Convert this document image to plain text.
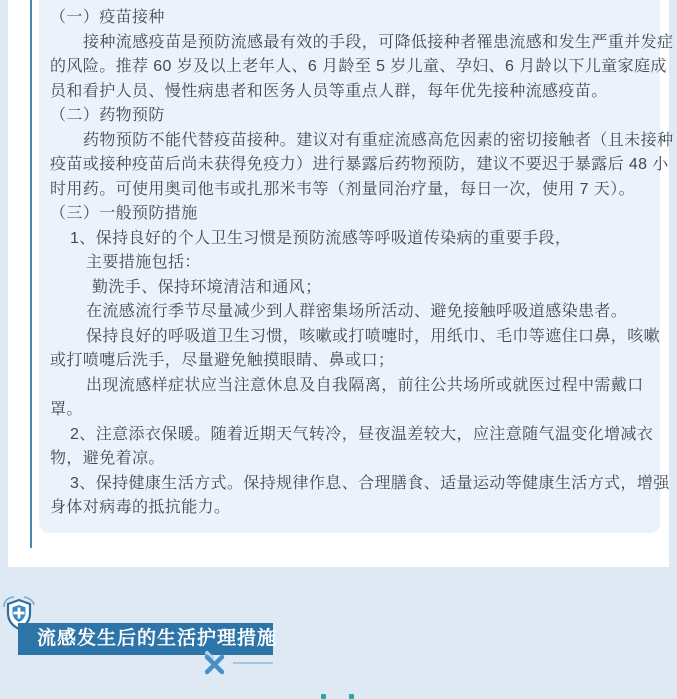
（一）疫苗接种
接种流感疫苗是预防流感最有效的手段，可降低接种者罹患流感和发生严重并发症
的风险。推荐 60 岁及以上老年人、6 月龄至 5 岁儿童、孕妇、6 月龄以下儿童家庭成
员和看护人员、慢性病患者和医务人员等重点人群，每年优先接种流感疫苗。
（二）药物预防
药物预防不能代替疫苗接种。建议对有重症流感高危因素的密切接触者（且未接种
疫苗或接种疫苗后尚未获得免疫力）进行暴露后药物预防，建议不要迟于暴露后 48 小
时用药。可使用奥司他韦或扎那米韦等（剂量同治疗量，每日一次，使用 7 天）。
（三）一般预防措施
1、保持良好的个人卫生习惯是预防流感等呼吸道传染病的重要手段，
主要措施包括：
勤洗手、保持环境清洁和通风；
在流感流行季节尽量减少到人群密集场所活动、避免接触呼吸道感染患者。
保持良好的呼吸道卫生习惯，咳嗽或打喷嚏时，用纸巾、毛巾等遮住口鼻，咳嗽
或打喷嚏后洗手，尽量避免触摸眼睛、鼻或口；
出现流感样症状应当注意休息及自我隔离，前往公共场所或就医过程中需戴口
罩。
2、注意添衣保暖。随着近期天气转冷，昼夜温差较大，应注意随气温变化增减衣
物，避免着凉。
3、保持健康生活方式。保持规律作息、合理膳食、适量运动等健康生活方式，增强
身体对病毒的抵抗能力。
流感发生后的生活护理措施
